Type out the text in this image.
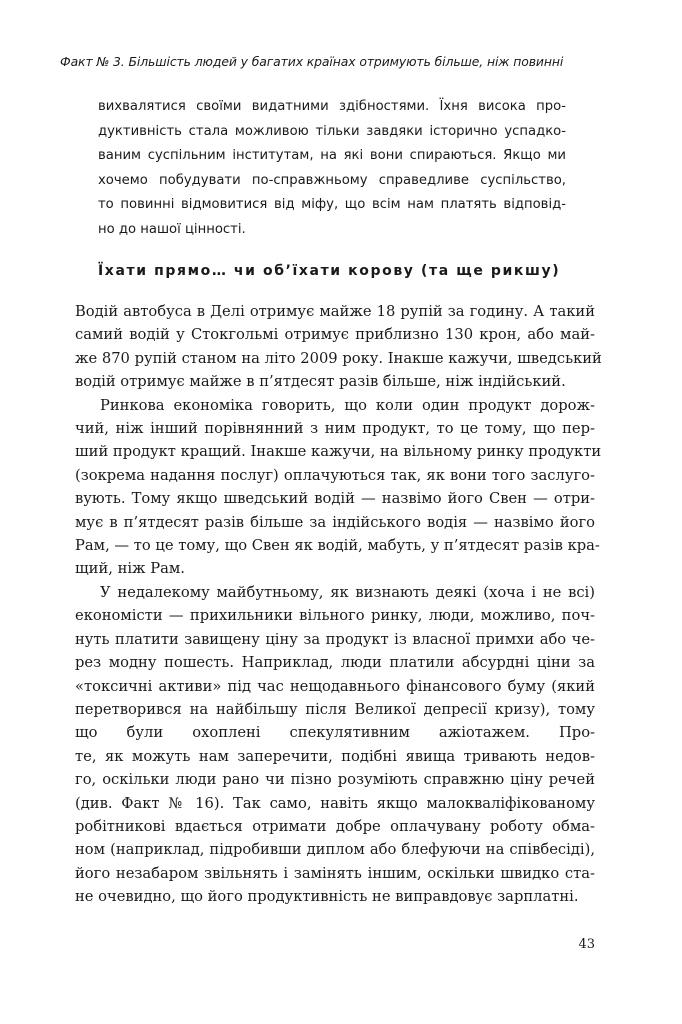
Факт № 3. Більшість людей у багатих країнах отримують більше, ніж повинні
вихвалятися своїми видатними здібностями. Їхня висока про-
дуктивність стала можливою тільки завдяки історично успадко-
ваним суспільним інститутам, на які вони спираються. Якщо ми
хочемо побудувати по-справжньому справедливе суспільство,
то повинні відмовитися від міфу, що всім нам платять відповід-
но до нашої цінності.
Їхати прямо… чи об’їхати корову (та ще рикшу)
Водій автобуса в Делі отримує майже 18 рупій за годину. А такий
самий водій у Стокгольмі отримує приблизно 130 крон, або май-
же 870 рупій станом на літо 2009 року. Інакше кажучи, шведський
водій отримує майже в п’ятдесят разів більше, ніж індійський.
Ринкова економіка говорить, що коли один продукт дорож-
чий, ніж інший порівнянний з ним продукт, то це тому, що пер-
ший продукт кращий. Інакше кажучи, на вільному ринку продукти
(зокрема надання послуг) оплачуються так, як вони того заслуго-
вують. Тому якщо шведський водій — назвімо його Свен — отри-
мує в п’ятдесят разів більше за індійського водія — назвімо його
Рам, — то це тому, що Свен як водій, мабуть, у п’ятдесят разів кра-
щий, ніж Рам.
У недалекому майбутньому, як визнають деякі (хоча і не всі)
економісти — прихильники вільного ринку, люди, можливо, поч-
нуть платити завищену ціну за продукт із власної примхи або че-
рез модну пошесть. Наприклад, люди платили абсурдні ціни за
«токсичні активи» під час нещодавнього фінансового буму (який
перетворився на найбільшу після Великої депресії кризу), тому
що були охоплені спекулятивним ажіотажем. Про-
те, як можуть нам заперечити, подібні явища тривають недов-
го, оскільки люди рано чи пізно розуміють справжню ціну речей
(див. Факт № 16). Так само, навіть якщо малокваліфікованому
робітникові вдається отримати добре оплачувану роботу обма-
ном (наприклад, підробивши диплом або блефуючи на співбесіді),
його незабаром звільнять і замінять іншим, оскільки швидко ста-
не очевидно, що його продуктивність не виправдовує зарплатні.
43
